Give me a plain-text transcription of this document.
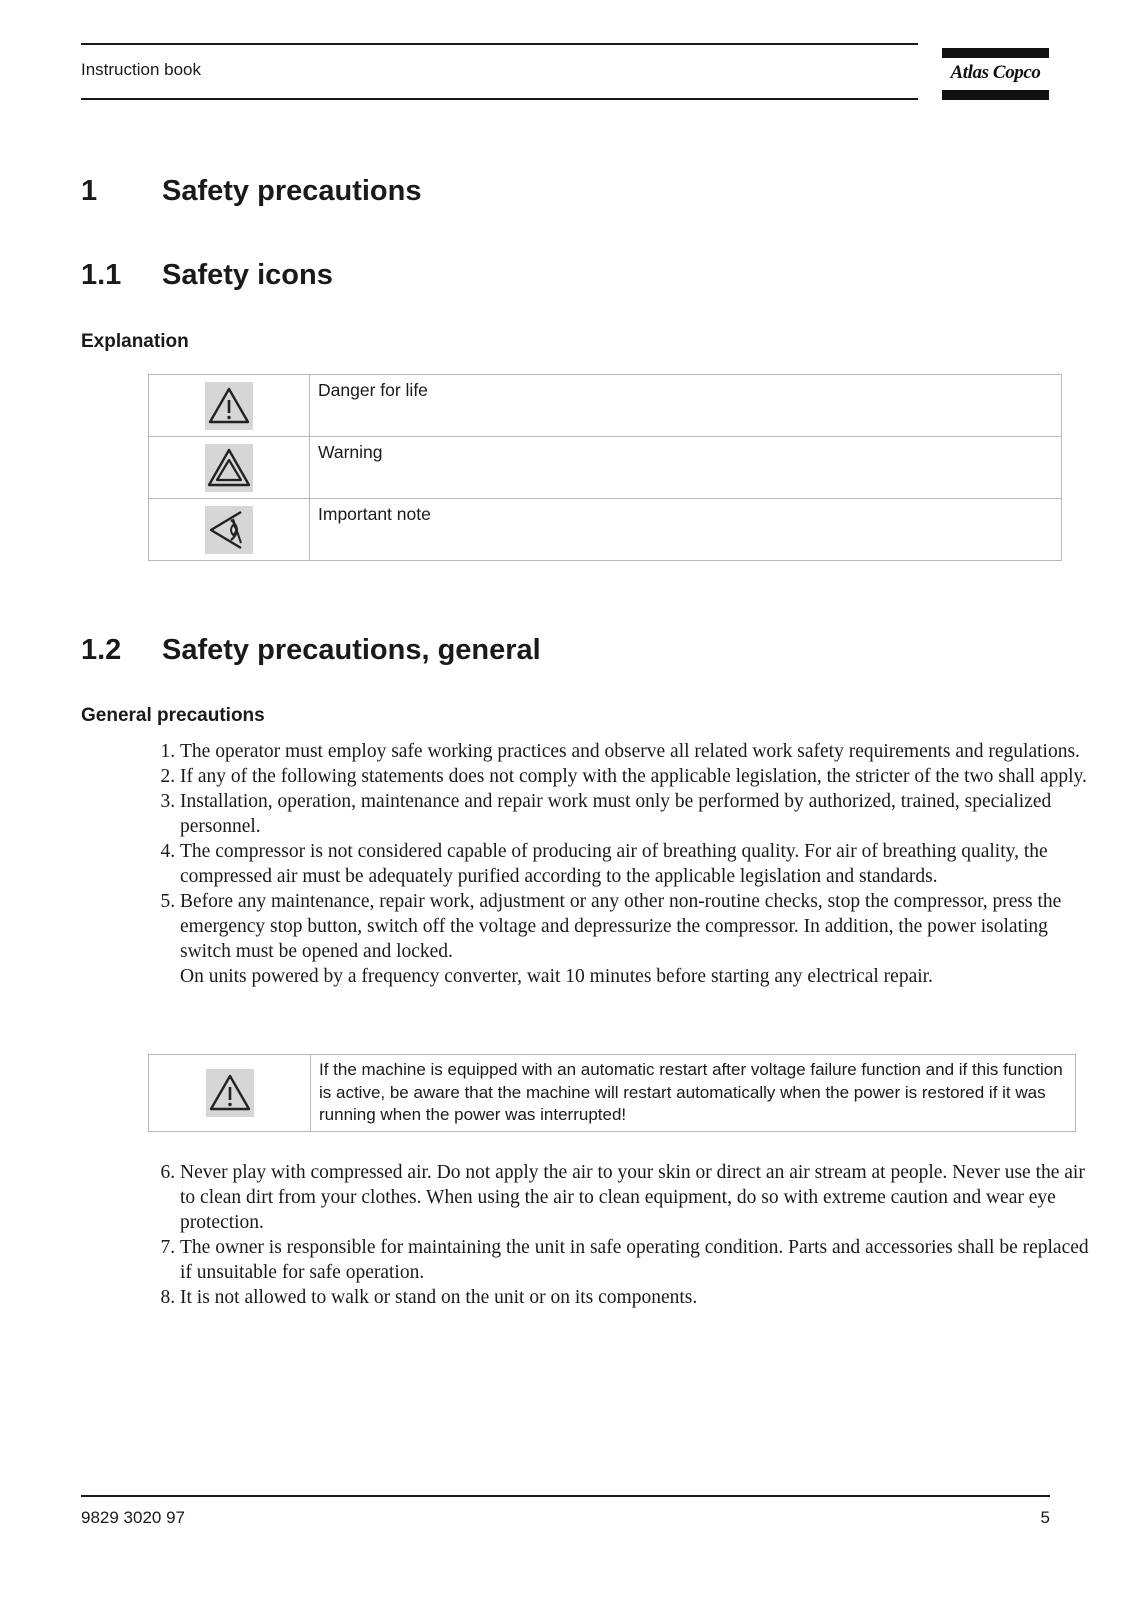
Instruction book	Atlas Copco
1 Safety precautions
1.1 Safety icons
Explanation
	Danger for life
	Warning
	Important note
1.2 Safety precautions, general
General precautions
1. The operator must employ safe working practices and observe all related work safety requirements and regulations.
2. If any of the following statements does not comply with the applicable legislation, the stricter of the two shall apply.
3. Installation, operation, maintenance and repair work must only be performed by authorized, trained, specialized personnel.
4. The compressor is not considered capable of producing air of breathing quality. For air of breathing quality, the compressed air must be adequately purified according to the applicable legislation and standards.
5. Before any maintenance, repair work, adjustment or any other non-routine checks, stop the compressor, press the emergency stop button, switch off the voltage and depressurize the compressor. In addition, the power isolating switch must be opened and locked.
On units powered by a frequency converter, wait 10 minutes before starting any electrical repair.
	If the machine is equipped with an automatic restart after voltage failure function and if this function is active, be aware that the machine will restart automatically when the power is restored if it was running when the power was interrupted!
6. Never play with compressed air. Do not apply the air to your skin or direct an air stream at people. Never use the air to clean dirt from your clothes. When using the air to clean equipment, do so with extreme caution and wear eye protection.
7. The owner is responsible for maintaining the unit in safe operating condition. Parts and accessories shall be replaced if unsuitable for safe operation.
8. It is not allowed to walk or stand on the unit or on its components.
9829 3020 97	5
